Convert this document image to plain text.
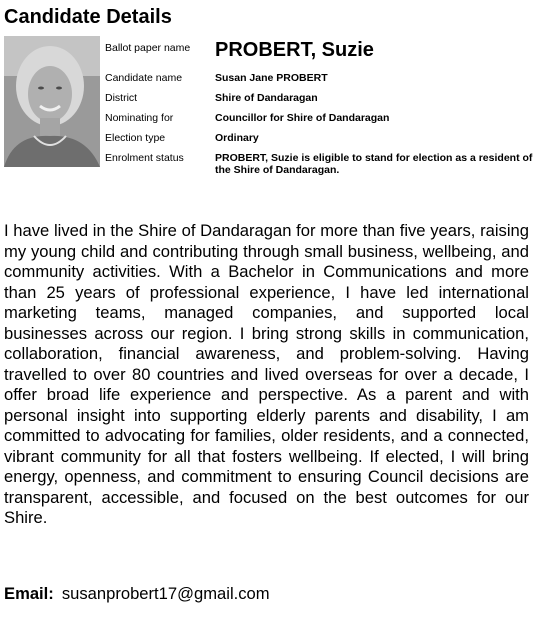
Candidate Details
Ballot paper name	PROBERT, Suzie
Candidate name	Susan Jane PROBERT
District	Shire of Dandaragan
Nominating for	Councillor for Shire of Dandaragan
Election type	Ordinary
Enrolment status	PROBERT, Suzie is eligible to stand for election as a resident of the Shire of Dandaragan.
I have lived in the Shire of Dandaragan for more than five years, raising my young child and contributing through small business, wellbeing, and community activities. With a Bachelor in Communications and more than 25 years of professional experience, I have led international marketing teams, managed companies, and supported local businesses across our region. I bring strong skills in communication, collaboration, financial awareness, and problem-solving. Having travelled to over 80 countries and lived overseas for over a decade, I offer broad life experience and perspective. As a parent and with personal insight into supporting elderly parents and disability, I am committed to advocating for families, older residents, and a connected, vibrant community for all that fosters wellbeing. If elected, I will bring energy, openness, and commitment to ensuring Council decisions are transparent, accessible, and focused on the best outcomes for our Shire.
Email: susanprobert17@gmail.com
